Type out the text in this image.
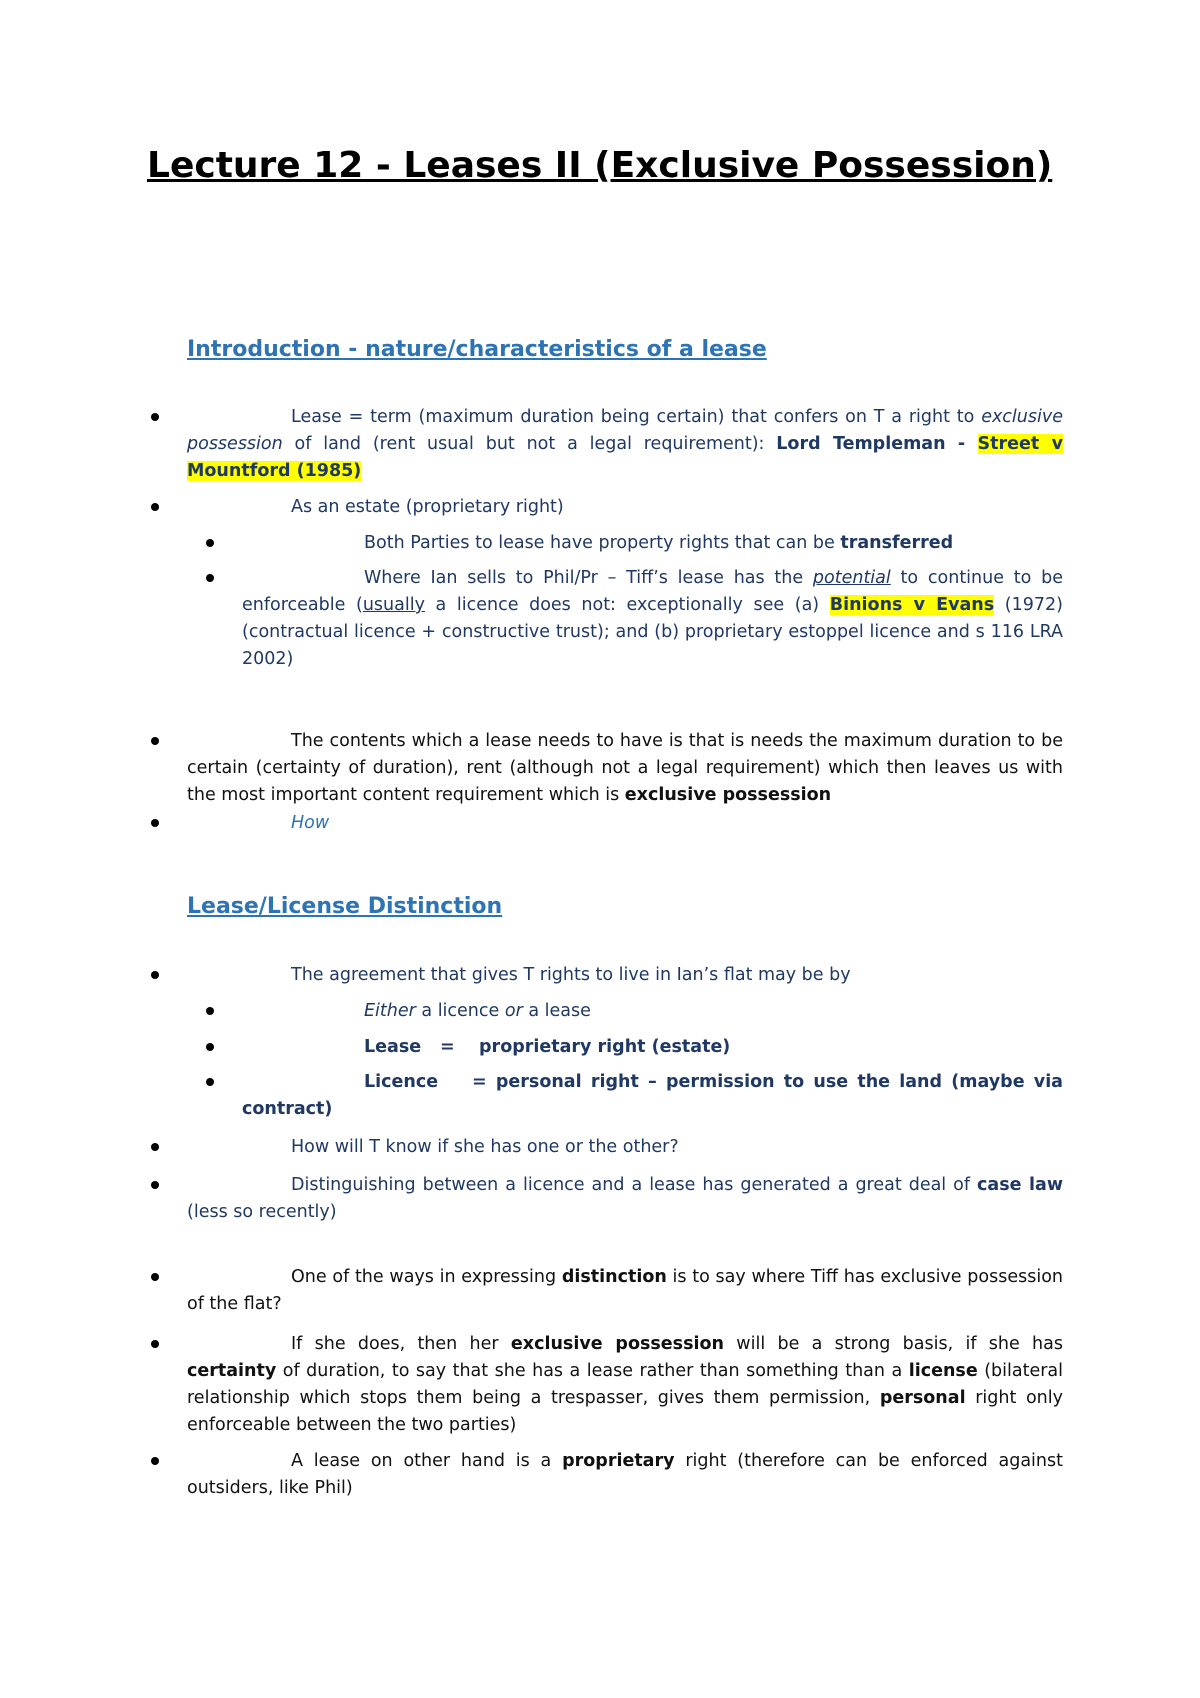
Lecture 12 - Leases II (Exclusive Possession)
Introduction - nature/characteristics of a lease
Lease = term (maximum duration being certain) that confers on T a right to exclusive possession of land (rent usual but not a legal requirement): Lord Templeman - Street v Mountford (1985)
As an estate (proprietary right)
Both Parties to lease have property rights that can be transferred
Where Ian sells to Phil/Pr – Tiff’s lease has the potential to continue to be enforceable (usually a licence does not: exceptionally see (a) Binions v Evans (1972) (contractual licence + constructive trust); and (b) proprietary estoppel licence and s 116 LRA 2002)
The contents which a lease needs to have is that is needs the maximum duration to be certain (certainty of duration), rent (although not a legal requirement) which then leaves us with the most important content requirement which is exclusive possession
How
Lease/License Distinction
The agreement that gives T rights to live in Ian’s flat may be by
Either a licence or a lease
Lease =    proprietary right (estate)
Licence = personal right – permission to use the land (maybe via contract)
How will T know if she has one or the other?
Distinguishing between a licence and a lease has generated a great deal of case law (less so recently)
One of the ways in expressing distinction is to say where Tiff has exclusive possession of the flat?
If she does, then her exclusive possession will be a strong basis, if she has certainty of duration, to say that she has a lease rather than something than a license (bilateral relationship which stops them being a trespasser, gives them permission, personal right only enforceable between the two parties)
A lease on other hand is a proprietary right (therefore can be enforced against outsiders, like Phil)
